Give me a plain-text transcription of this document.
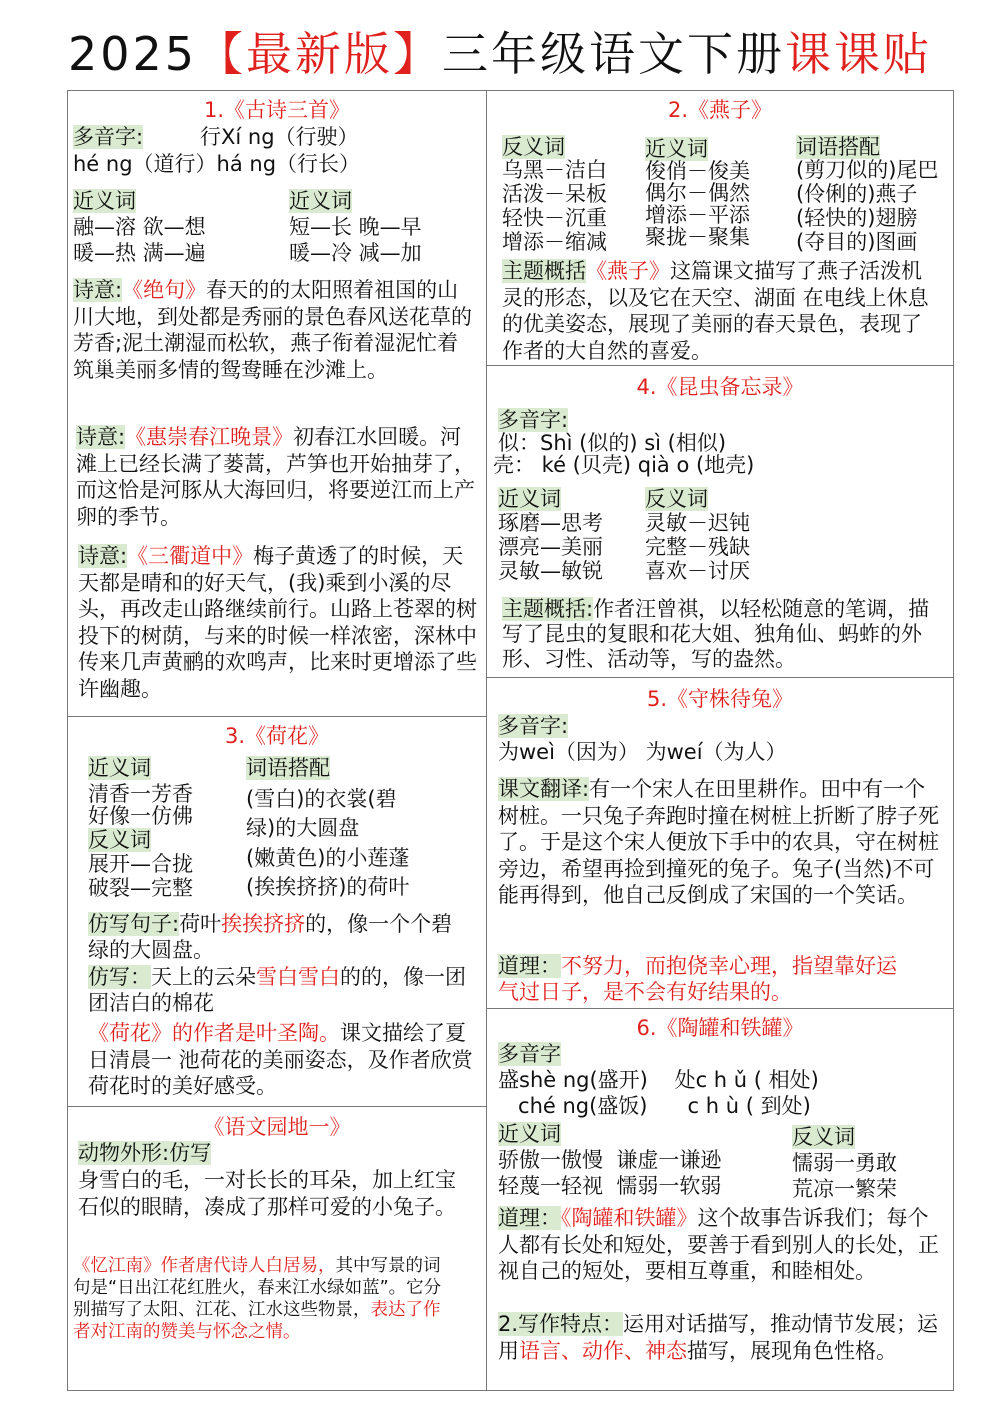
2025【最新版】三年级语文下册课课贴
1.《古诗三首》
多音字:	行Xí ng（行驶）
hé ng（道行）há ng（行长）
近义词
融—溶 欲—想
暖—热 满—遍
近义词
短—长 晚—早
暖—冷 减—加
诗意:《绝句》春天的的太阳照着祖国的山川大地，到处都是秀丽的景色春风送花草的芳香;泥土潮湿而松软，燕子衔着湿泥忙着筑巢美丽多情的鸳鸯睡在沙滩上。
诗意:《惠崇春江晚景》初春江水回暖。河滩上已经长满了蒌蒿，芦笋也开始抽芽了，而这恰是河豚从大海回归，将要逆江而上产卵的季节。
诗意:《三衢道中》梅子黄透了的时候，天天都是晴和的好天气，(我)乘到小溪的尽头，再改走山路继续前行。山路上苍翠的树投下的树荫，与来的时候一样浓密，深林中传来几声黄鹂的欢鸣声，比来时更增添了些许幽趣。
3.《荷花》
近义词
清香一芳香
好像一仿佛
反义词
展开—合拢
破裂—完整
词语搭配
(雪白)的衣裳(碧
绿)的大圆盘
(嫩黄色)的小莲蓬
(挨挨挤挤)的荷叶
仿写句子:荷叶挨挨挤挤的，像一个个碧绿的大圆盘。
仿写：天上的云朵雪白雪白的的，像一团团洁白的棉花
《荷花》的作者是叶圣陶。课文描绘了夏日清晨一 池荷花的美丽姿态，及作者欣赏荷花时的美好感受。
《语文园地一》
动物外形:仿写
身雪白的毛，一对长长的耳朵，加上红宝石似的眼睛，凑成了那样可爱的小兔子。
《忆江南》作者唐代诗人白居易，其中写景的词句是“日出江花红胜火，春来江水绿如蓝”。它分别描写了太阳、江花、江水这些物景，表达了作者对江南的赞美与怀念之情。
2.《燕子》
反义词
乌黑－洁白
活泼－呆板
轻快－沉重
增添－缩减
近义词
俊俏－俊美
偶尔－偶然
增添－平添
聚拢－聚集
词语搭配
(剪刀似的)尾巴
(伶俐的)燕子
(轻快的)翅膀
(夺目的)图画
主题概括《燕子》这篇课文描写了燕子活泼机灵的形态，以及它在天空、湖面 在电线上休息的优美姿态，展现了美丽的春天景色，表现了作者的大自然的喜爱。
4.《昆虫备忘录》
多音字:
似：Shì (似的) sì (相似)
壳： ké (贝壳) qià o (地壳)
近义词
琢磨—思考
漂亮—美丽
灵敏—敏锐
反义词
灵敏－迟钝
完整－残缺
喜欢－讨厌
主题概括:作者汪曾祺，以轻松随意的笔调，描写了昆虫的复眼和花大姐、独角仙、蚂蚱的外形、习性、活动等，写的盎然。
5.《守株待兔》
多音字:
为weì（因为） 为weí（为人）
课文翻译:有一个宋人在田里耕作。田中有一个树桩。一只兔子奔跑时撞在树桩上折断了脖子死了。于是这个宋人便放下手中的农具，守在树桩旁边，希望再捡到撞死的兔子。兔子(当然)不可能再得到，他自己反倒成了宋国的一个笑话。
道理：不努力，而抱侥幸心理，指望靠好运气过日子，是不会有好结果的。
6.《陶罐和铁罐》
多音字
盛shè ng(盛开)    处c h ǔ ( 相处)
ché ng(盛饭)      c h ù ( 到处)
近义词
骄傲一傲慢  谦虚一谦逊
轻蔑一轻视  懦弱一软弱
反义词
懦弱一勇敢
荒凉一繁荣
道理：《陶罐和铁罐》这个故事告诉我们；每个人都有长处和短处，要善于看到别人的长处，正视自己的短处，要相互尊重，和睦相处。
2.写作特点：运用对话描写，推动情节发展；运用语言、动作、神态描写，展现角色性格。
